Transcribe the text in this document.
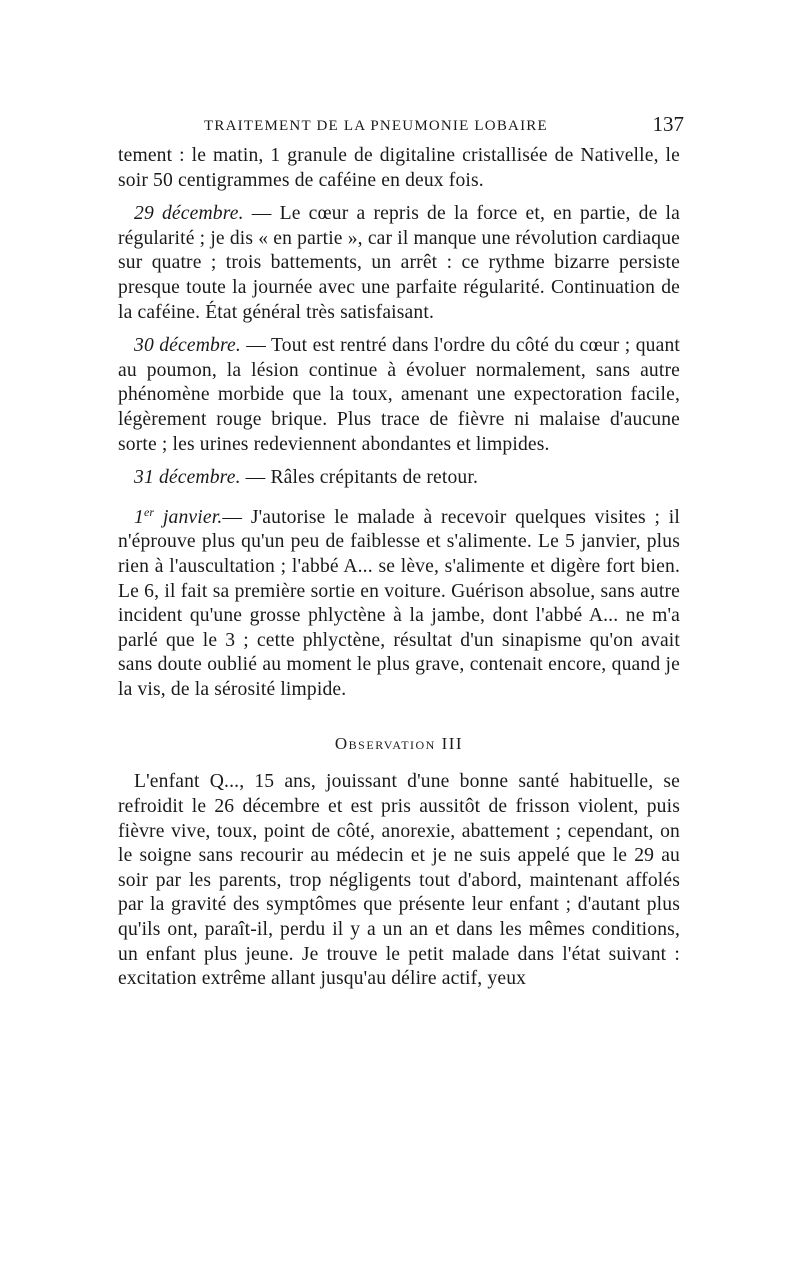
TRAITEMENT DE LA PNEUMONIE LOBAIRE	137

tement : le matin, 1 granule de digitaline cristallisée de Nativelle, le soir 50 centigrammes de caféine en deux fois.

29 décembre. — Le cœur a repris de la force et, en partie, de la régularité ; je dis « en partie », car il manque une révolution cardiaque sur quatre ; trois battements, un arrêt : ce rythme bizarre persiste presque toute la journée avec une parfaite régularité. Continuation de la caféine. État général très satisfaisant.

30 décembre. — Tout est rentré dans l'ordre du côté du cœur ; quant au poumon, la lésion continue à évoluer normalement, sans autre phénomène morbide que la toux, amenant une expectoration facile, légèrement rouge brique. Plus trace de fièvre ni malaise d'aucune sorte ; les urines redeviennent abondantes et limpides.

31 décembre. — Râles crépitants de retour.

1er janvier.— J'autorise le malade à recevoir quelques visites ; il n'éprouve plus qu'un peu de faiblesse et s'alimente. Le 5 janvier, plus rien à l'auscultation ; l'abbé A... se lève, s'alimente et digère fort bien. Le 6, il fait sa première sortie en voiture. Guérison absolue, sans autre incident qu'une grosse phlyctène à la jambe, dont l'abbé A... ne m'a parlé que le 3 ; cette phlyctène, résultat d'un sinapisme qu'on avait sans doute oublié au moment le plus grave, contenait encore, quand je la vis, de la sérosité limpide.

Observation III

L'enfant Q..., 15 ans, jouissant d'une bonne santé habituelle, se refroidit le 26 décembre et est pris aussitôt de frisson violent, puis fièvre vive, toux, point de côté, anorexie, abattement ; cependant, on le soigne sans recourir au médecin et je ne suis appelé que le 29 au soir par les parents, trop négligents tout d'abord, maintenant affolés par la gravité des symptômes que présente leur enfant ; d'autant plus qu'ils ont, paraît-il, perdu il y a un an et dans les mêmes conditions, un enfant plus jeune. Je trouve le petit malade dans l'état suivant : excitation extrême allant jusqu'au délire actif, yeux
